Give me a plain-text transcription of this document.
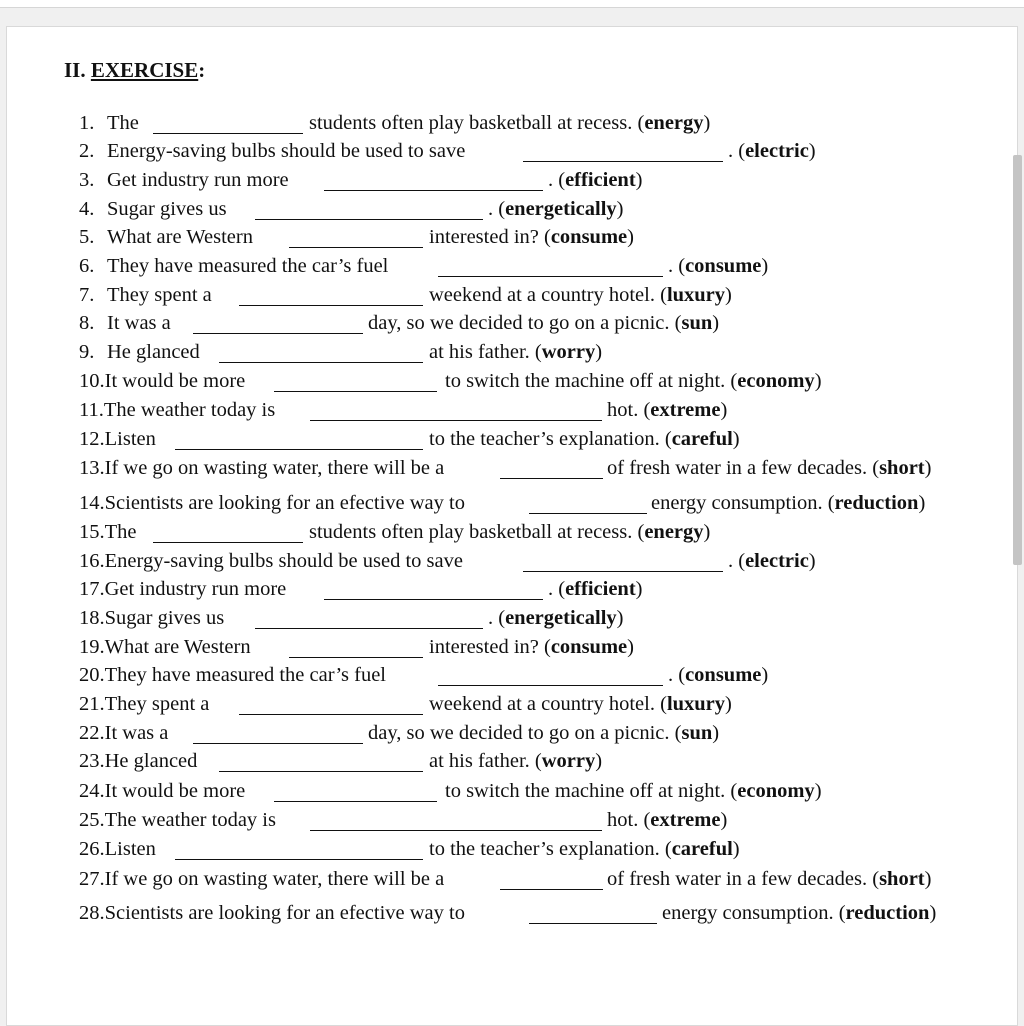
II. EXERCISE:
1. The	students often play basketball at recess. (energy)
2. Energy-saving bulbs should be used to save	. (electric)
3. Get industry run more	. (efficient)
4. Sugar gives us	. (energetically)
5. What are Western	interested in? (consume)
6. They have measured the car’s fuel	. (consume)
7. They spent a	weekend at a country hotel. (luxury)
8. It was a	day, so we decided to go on a picnic. (sun)
9. He glanced	at his father. (worry)
10.It would be more	to switch the machine off at night. (economy)
11.The weather today is	hot. (extreme)
12.Listen	to the teacher’s explanation. (careful)
13.If we go on wasting water, there will be a	of fresh water in a few decades. (short)
14.Scientists are looking for an efective way to	energy consumption. (reduction)
15.The	students often play basketball at recess. (energy)
16.Energy-saving bulbs should be used to save	. (electric)
17.Get industry run more	. (efficient)
18.Sugar gives us	. (energetically)
19.What are Western	interested in? (consume)
20.They have measured the car’s fuel	. (consume)
21.They spent a	weekend at a country hotel. (luxury)
22.It was a	day, so we decided to go on a picnic. (sun)
23.He glanced	at his father. (worry)
24.It would be more	to switch the machine off at night. (economy)
25.The weather today is	hot. (extreme)
26.Listen	to the teacher’s explanation. (careful)
27.If we go on wasting water, there will be a	of fresh water in a few decades. (short)
28.Scientists are looking for an efective way to	energy consumption. (reduction)
